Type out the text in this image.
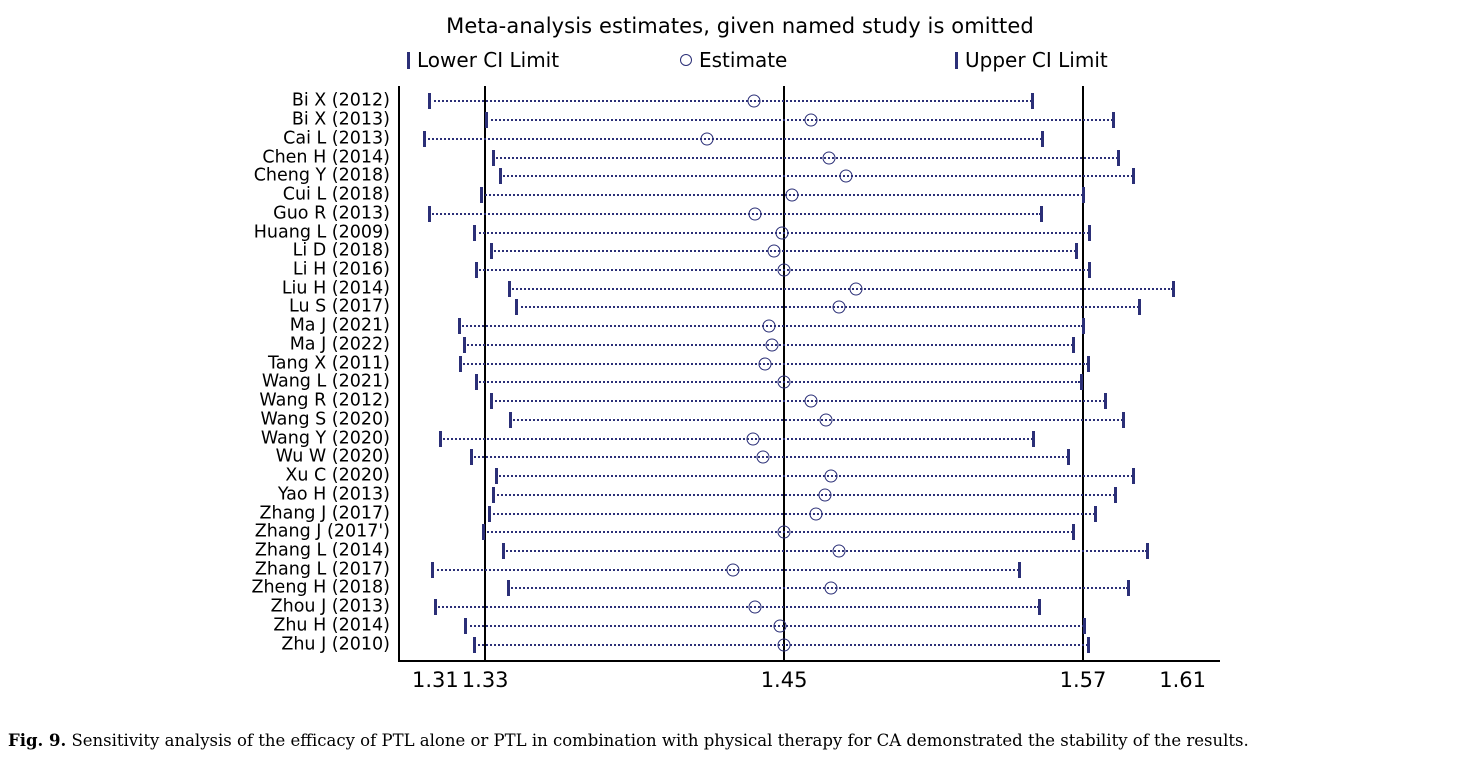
Meta-analysis estimates, given named study is omitted
Lower CI Limit	Estimate	Upper CI Limit
Bi X (2012)
Bi X (2013)
Cai L (2013)
Chen H (2014)
Cheng Y (2018)
Cui L (2018)
Guo R (2013)
Huang L (2009)
Li D (2018)
Li H (2016)
Liu H (2014)
Lu S (2017)
Ma J (2021)
Ma J (2022)
Tang X (2011)
Wang L (2021)
Wang R (2012)
Wang S (2020)
Wang Y (2020)
Wu W (2020)
Xu C (2020)
Yao H (2013)
Zhang J (2017)
Zhang J (2017')
Zhang L (2014)
Zhang L (2017)
Zheng H (2018)
Zhou J (2013)
Zhu H (2014)
Zhu J (2010)
1.31 1.33	1.45	1.57	1.61
Fig. 9. Sensitivity analysis of the efficacy of PTL alone or PTL in combination with physical therapy for CA demonstrated the stability of the results.
